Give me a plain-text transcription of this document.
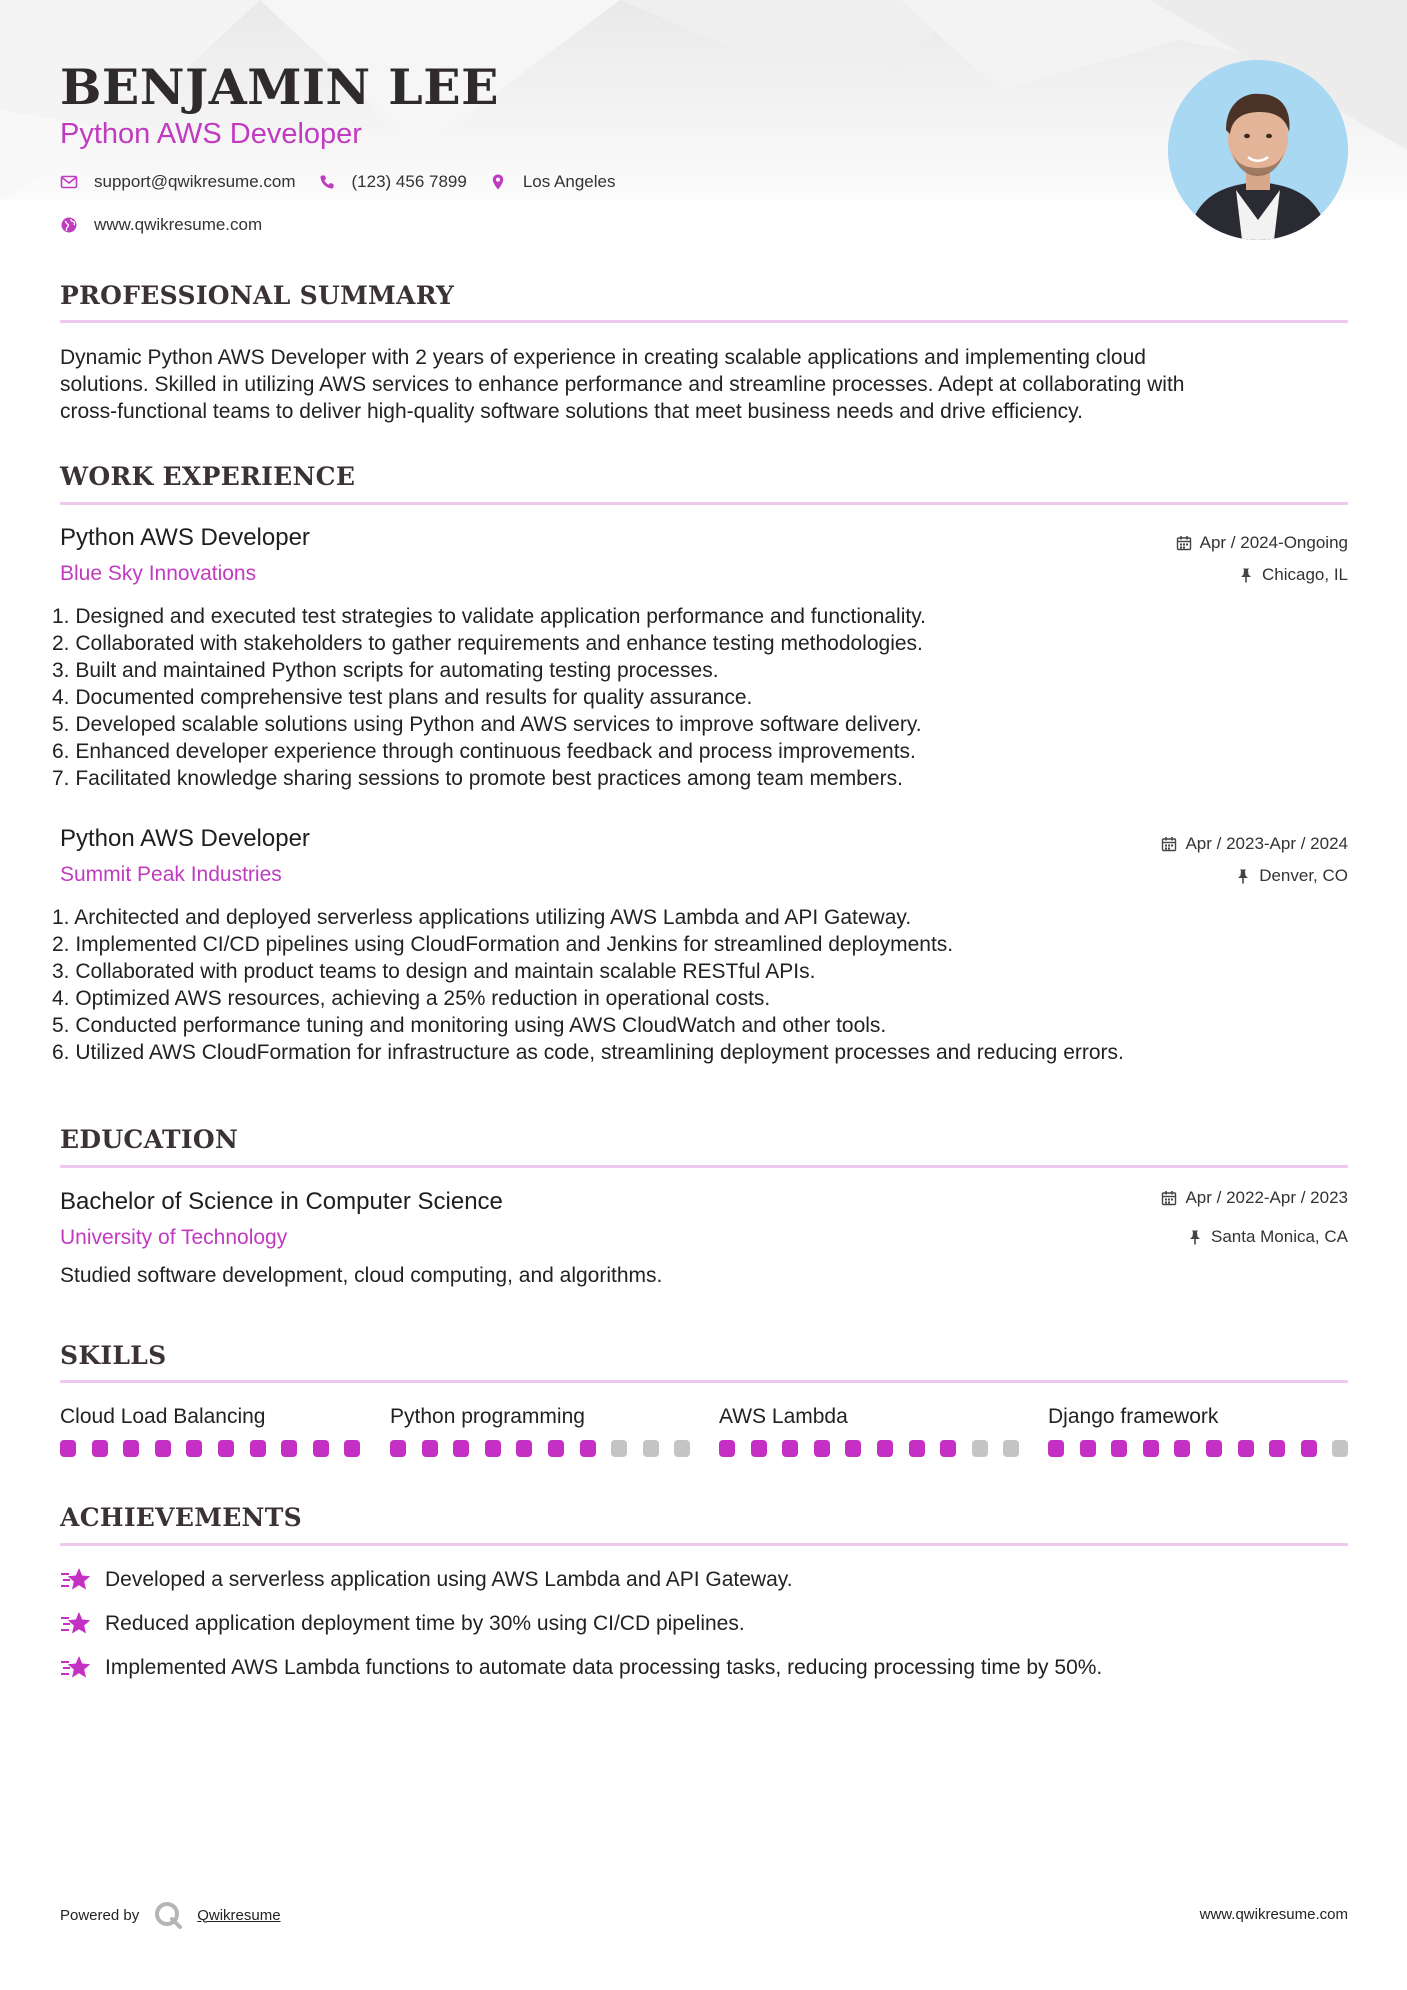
BENJAMIN LEE
Python AWS Developer
support@qwikresume.com	(123) 456 7899	Los Angeles
www.qwikresume.com
PROFESSIONAL SUMMARY
Dynamic Python AWS Developer with 2 years of experience in creating scalable applications and implementing cloud
solutions. Skilled in utilizing AWS services to enhance performance and streamline processes. Adept at collaborating with
cross-functional teams to deliver high-quality software solutions that meet business needs and drive efficiency.
WORK EXPERIENCE
Python AWS Developer
Blue Sky Innovations
Apr / 2024-Ongoing
Chicago, IL
1. Designed and executed test strategies to validate application performance and functionality.
2. Collaborated with stakeholders to gather requirements and enhance testing methodologies.
3. Built and maintained Python scripts for automating testing processes.
4. Documented comprehensive test plans and results for quality assurance.
5. Developed scalable solutions using Python and AWS services to improve software delivery.
6. Enhanced developer experience through continuous feedback and process improvements.
7. Facilitated knowledge sharing sessions to promote best practices among team members.
Python AWS Developer
Summit Peak Industries
Apr / 2023-Apr / 2024
Denver, CO
1. Architected and deployed serverless applications utilizing AWS Lambda and API Gateway.
2. Implemented CI/CD pipelines using CloudFormation and Jenkins for streamlined deployments.
3. Collaborated with product teams to design and maintain scalable RESTful APIs.
4. Optimized AWS resources, achieving a 25% reduction in operational costs.
5. Conducted performance tuning and monitoring using AWS CloudWatch and other tools.
6. Utilized AWS CloudFormation for infrastructure as code, streamlining deployment processes and reducing errors.
EDUCATION
Bachelor of Science in Computer Science
University of Technology
Apr / 2022-Apr / 2023
Santa Monica, CA
Studied software development, cloud computing, and algorithms.
SKILLS
Cloud Load Balancing	Python programming	AWS Lambda	Django framework
ACHIEVEMENTS
Developed a serverless application using AWS Lambda and API Gateway.
Reduced application deployment time by 30% using CI/CD pipelines.
Implemented AWS Lambda functions to automate data processing tasks, reducing processing time by 50%.
Powered by	Qwikresume	www.qwikresume.com
